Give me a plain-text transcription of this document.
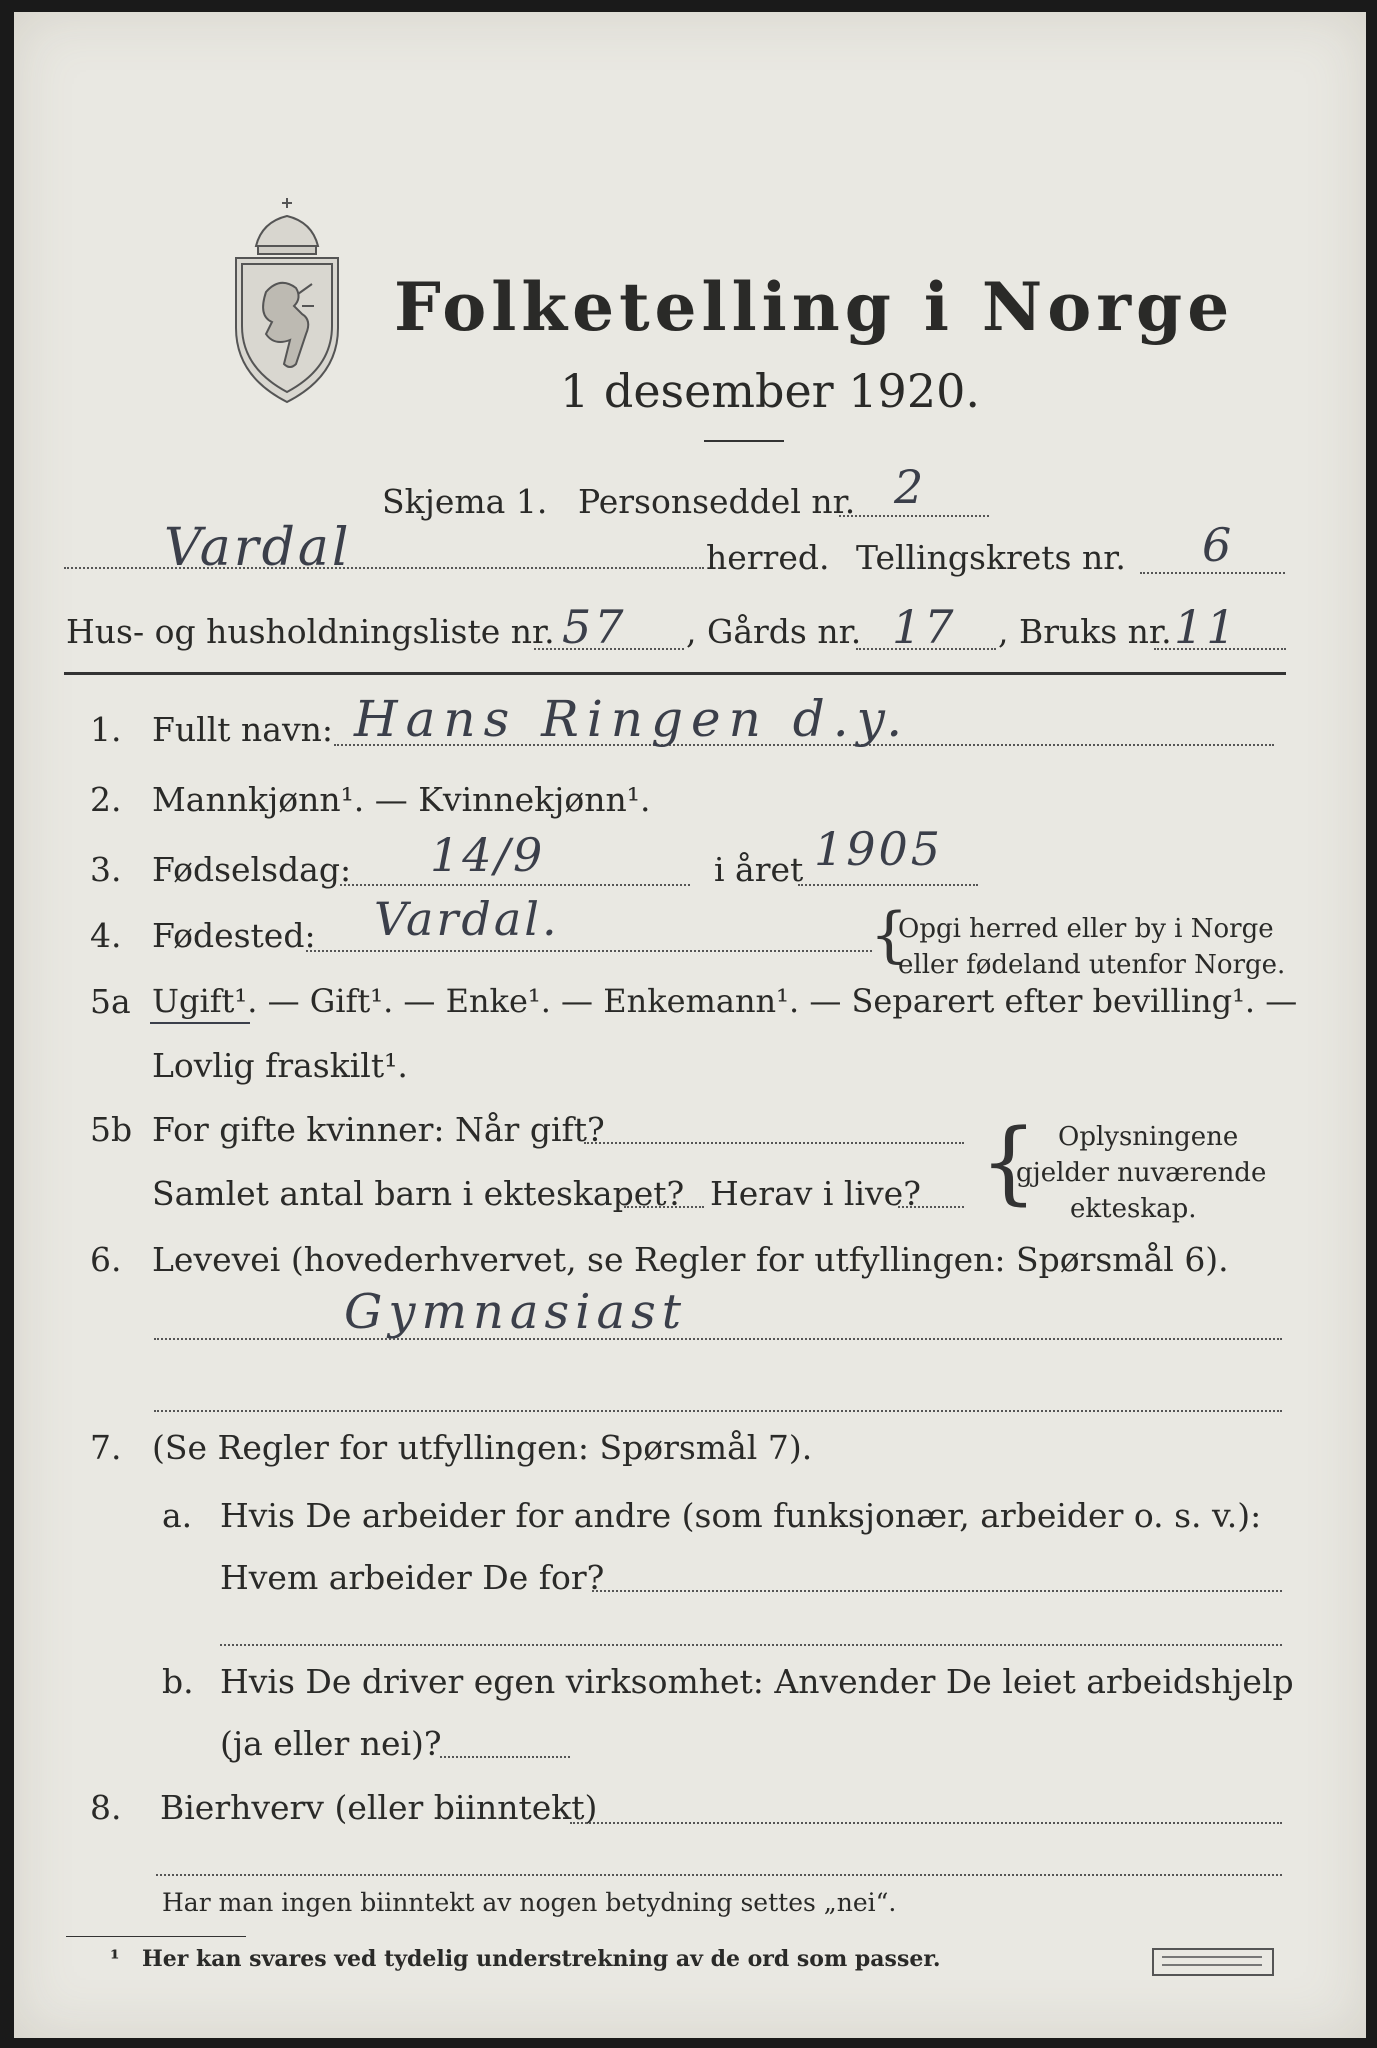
Folketelling i Norge
1 desember 1920.
Skjema 1. Personseddel nr. 2
Vardal	herred. Tellingskrets nr. 6
Hus- og husholdningsliste nr. 57 , Gårds nr. 17 , Bruks nr. 11
1. Fullt navn: Hans Ringen d.y.
2. Mannkjønn¹. — Kvinnekjønn¹.
3. Fødselsdag: 14/9	i året 1905
4. Fødested: Vardal.	{
Opgi herred eller by i Norge
eller fødeland utenfor Norge.
5a Ugift¹. — Gift¹. — Enke¹. — Enkemann¹. — Separert efter bevilling¹. —
Lovlig fraskilt¹.
5b For gifte kvinner: Når gift?
Samlet antal barn i ekteskapet? Herav i live? { Oplysningene
gjelder nuværende
ekteskap.
6. Levevei (hovederhvervet, se Regler for utfyllingen: Spørsmål 6).
Gymnasiast
7. (Se Regler for utfyllingen: Spørsmål 7).
a. Hvis De arbeider for andre (som funksjonær, arbeider o. s. v.):
Hvem arbeider De for?
b. Hvis De driver egen virksomhet: Anvender De leiet arbeidshjelp
(ja eller nei)?
8. Bierhverv (eller biinntekt)
Har man ingen biinntekt av nogen betydning settes „nei“.
¹ Her kan svares ved tydelig understrekning av de ord som passer.
